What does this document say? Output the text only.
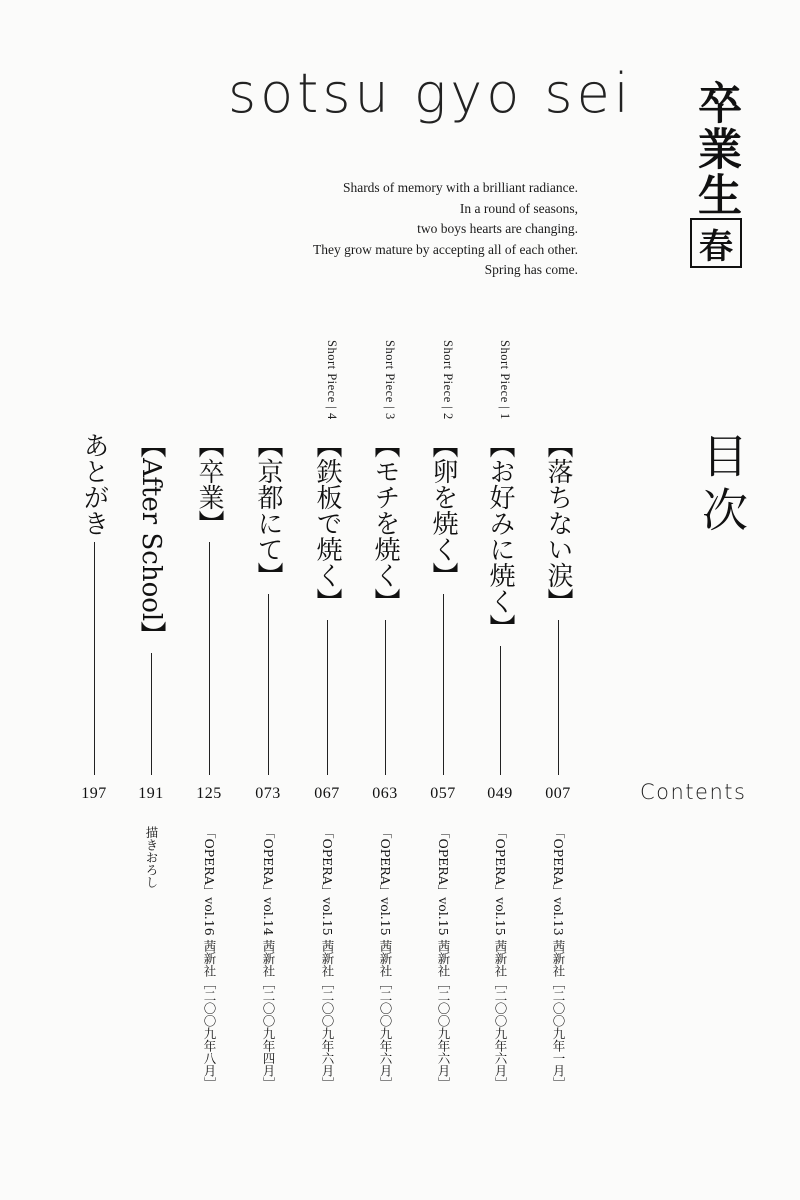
sotsu gyo sei
Shards of memory with a brilliant radiance.
In a round of seasons,
two boys hearts are changing.
They grow mature by accepting all of each other.
Spring has come.
卒業生
春
目次
Contents
【落ちない涙】
007
「OPERA」vol.13 茜新社［二〇〇九年一月］
Short Piece | 1
【お好みに焼く】
049
「OPERA」vol.15 茜新社［二〇〇九年六月］
Short Piece | 2
【卵を焼く】
057
「OPERA」vol.15 茜新社［二〇〇九年六月］
Short Piece | 3
【モチを焼く】
063
「OPERA」vol.15 茜新社［二〇〇九年六月］
Short Piece | 4
【鉄板で焼く】
067
「OPERA」vol.15 茜新社［二〇〇九年六月］
【京都にて】
073
「OPERA」vol.14 茜新社［二〇〇九年四月］
【卒業】
125
「OPERA」vol.16 茜新社［二〇〇九年八月］
【After School】
191
描きおろし
あとがき
197
